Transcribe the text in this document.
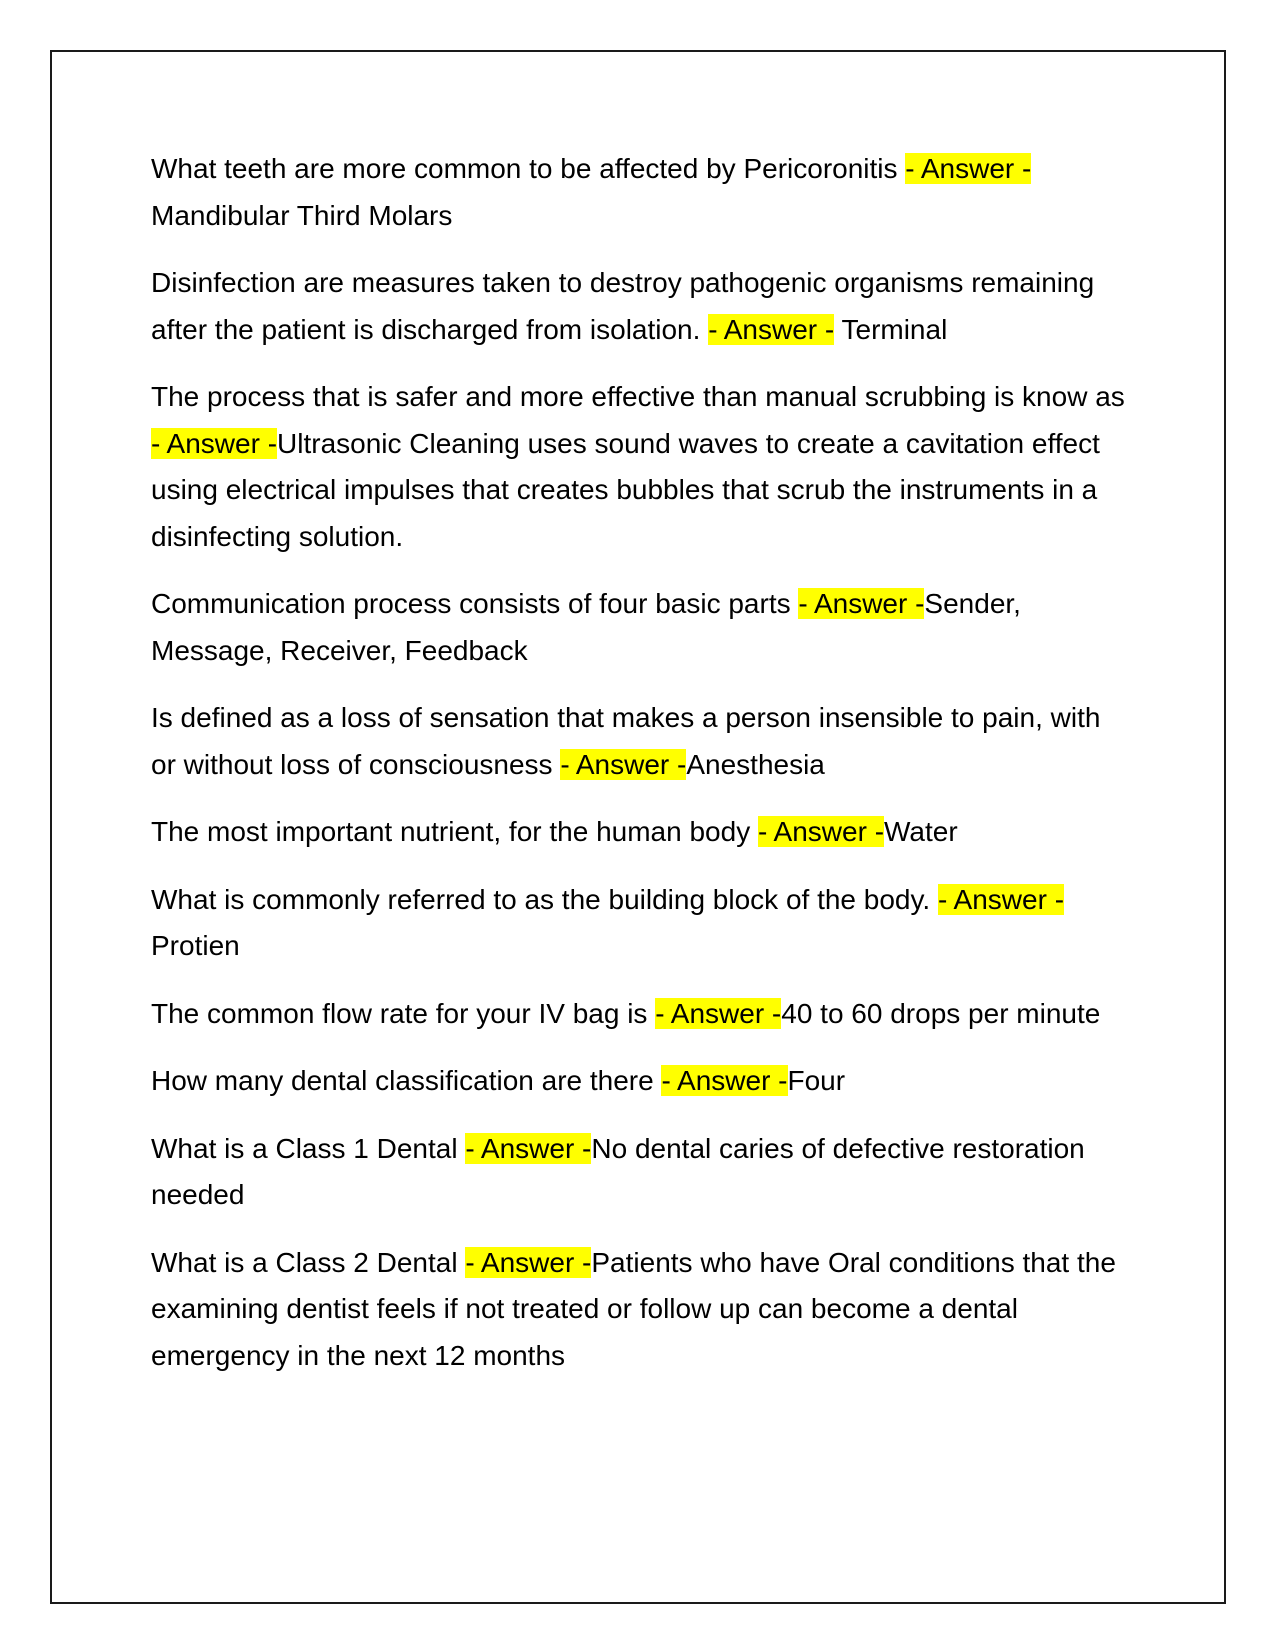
What teeth are more common to be affected by Pericoronitis - Answer - Mandibular Third Molars

Disinfection are measures taken to destroy pathogenic organisms remaining after the patient is discharged from isolation. - Answer - Terminal

The process that is safer and more effective than manual scrubbing is know as - Answer -Ultrasonic Cleaning uses sound waves to create a cavitation effect using electrical impulses that creates bubbles that scrub the instruments in a disinfecting solution.

Communication process consists of four basic parts - Answer -Sender, Message, Receiver, Feedback

Is defined as a loss of sensation that makes a person insensible to pain, with or without loss of consciousness - Answer -Anesthesia

The most important nutrient, for the human body - Answer -Water

What is commonly referred to as the building block of the body. - Answer -Protien

The common flow rate for your IV bag is - Answer -40 to 60 drops per minute

How many dental classification are there - Answer -Four

What is a Class 1 Dental - Answer -No dental caries of defective restoration needed

What is a Class 2 Dental - Answer -Patients who have Oral conditions that the examining dentist feels if not treated or follow up can become a dental emergency in the next 12 months
